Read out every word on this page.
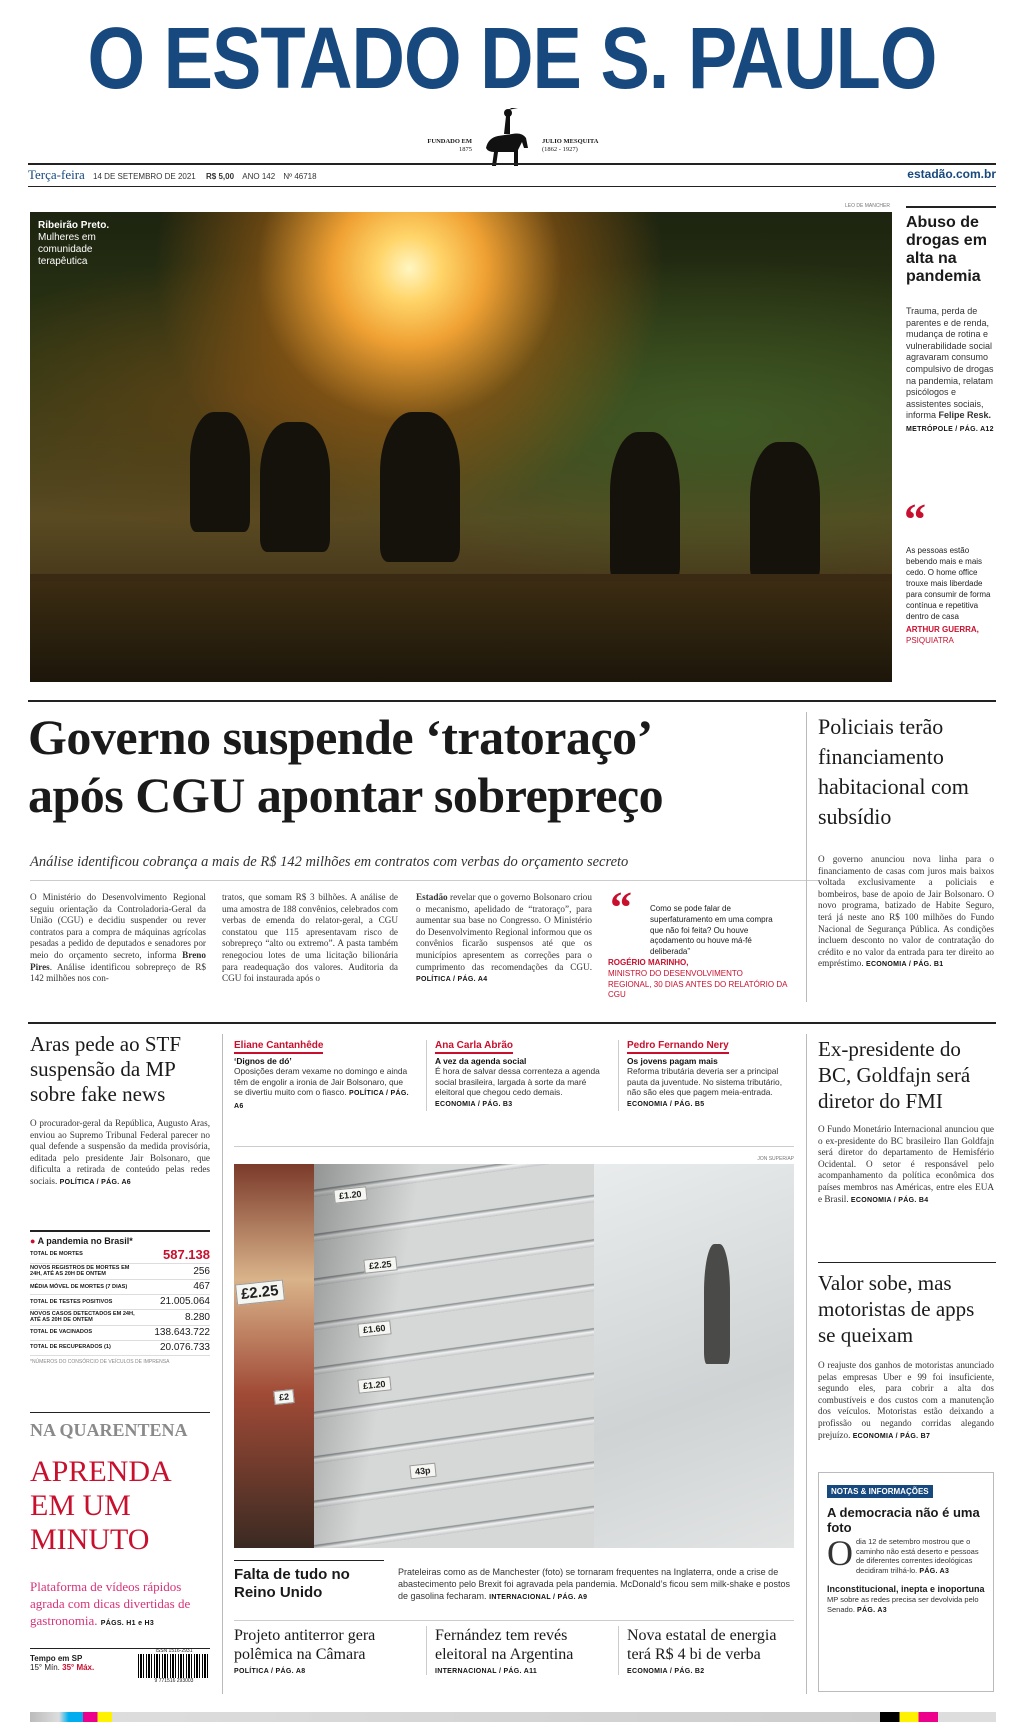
O ESTADO DE S. PAULO
FUNDADO EM
1875
JULIO MESQUITA
(1862 - 1927)
Terça-feira 14 DE SETEMBRO DE 2021 R$ 5,00 ANO 142 Nº 46718	estadão.com.br
Ribeirão Preto.
Mulheres em comunidade terapêutica
LEO DE MANCHER
Abuso de drogas em alta na pandemia
Trauma, perda de parentes e de renda, mudança de rotina e vulnerabilidade social agravaram consumo compulsivo de drogas na pandemia, relatam psicólogos e assistentes sociais, informa Felipe Resk.
METRÓPOLE / PÁG. A12
“
As pessoas estão bebendo mais e mais cedo. O home office trouxe mais liberdade para consumir de forma contínua e repetitiva dentro de casa
ARTHUR GUERRA,
PSIQUIATRA
Governo suspende ‘tratoraço’
após CGU apontar sobrepreço
Análise identificou cobrança a mais de R$ 142 milhões em contratos com verbas do orçamento secreto
O Ministério do Desenvolvimento Regional seguiu orientação da Controladoria-Geral da União (CGU) e decidiu suspender ou rever contratos para a compra de máquinas agrícolas pesadas a pedido de deputados e senadores por meio do orçamento secreto, informa Breno Pires. Análise identificou sobrepreço de R$ 142 milhões nos con-
tratos, que somam R$ 3 bilhões. A análise de uma amostra de 188 convênios, celebrados com verbas de emenda do relator-geral, a CGU constatou que 115 apresentavam risco de sobrepreço “alto ou extremo”. A pasta também renegociou lotes de uma licitação bilionária para readequação dos valores. Auditoria da CGU foi instaurada após o
Estadão revelar que o governo Bolsonaro criou o mecanismo, apelidado de “tratoraço”, para aumentar sua base no Congresso. O Ministério do Desenvolvimento Regional informou que os convênios ficarão suspensos até que os municípios apresentem as correções para o cumprimento das recomendações da CGU. POLÍTICA / PÁG. A4
“	Como se pode falar de superfaturamento em uma compra que não foi feita? Ou houve açodamento ou houve má-fé deliberada”
ROGÉRIO MARINHO,
MINISTRO DO DESENVOLVIMENTO REGIONAL, 30 DIAS ANTES DO RELATÓRIO DA CGU
Policiais terão financiamento habitacional com subsídio
O governo anunciou nova linha para o financiamento de casas com juros mais baixos voltada exclusivamente a policiais e bombeiros, base de apoio de Jair Bolsonaro. O novo programa, batizado de Habite Seguro, terá já neste ano R$ 100 milhões do Fundo Nacional de Segurança Pública. As condições incluem desconto no valor de contratação do crédito e no valor da entrada para ter direito ao empréstimo. ECONOMIA / PÁG. B1
Aras pede ao STF suspensão da MP sobre fake news
O procurador-geral da República, Augusto Aras, enviou ao Supremo Tribunal Federal parecer no qual defende a suspensão da medida provisória, editada pelo presidente Jair Bolsonaro, que dificulta a retirada de conteúdo pelas redes sociais. POLÍTICA / PÁG. A6
● A pandemia no Brasil*
TOTAL DE MORTES	587.138
NOVOS REGISTROS DE MORTES EM 24H, ATÉ AS 20H DE ONTEM	256
MÉDIA MÓVEL DE MORTES (7 DIAS)	467
TOTAL DE TESTES POSITIVOS	21.005.064
NOVOS CASOS DETECTADOS EM 24H, ATÉ AS 20H DE ONTEM	8.280
TOTAL DE VACINADOS	138.643.722
TOTAL DE RECUPERADOS (1)	20.076.733
*NÚMEROS DO CONSÓRCIO DE VEÍCULOS DE IMPRENSA
NA QUARENTENA
APRENDA
EM UM
MINUTO
Plataforma de vídeos rápidos agrada com dicas divertidas de gastronomia. PÁGS. H1 e H3
Tempo em SP
15° Mín. 35° Máx.
ISSN 1516-2931
9 771516 293003
Eliane Cantanhêde
‘Dignos de dó’
Oposições deram vexame no domingo e ainda têm de engolir a ironia de Jair Bolsonaro, que se divertiu muito com o fiasco. POLÍTICA / PÁG. A6
Ana Carla Abrão
A vez da agenda social
É hora de salvar dessa correnteza a agenda social brasileira, largada à sorte da maré eleitoral que chegou cedo demais. ECONOMIA / PÁG. B3
Pedro Fernando Nery
Os jovens pagam mais
Reforma tributária deveria ser a principal pauta da juventude. No sistema tributário, não são eles que pagem meia-entrada. ECONOMIA / PÁG. B5
JON SUPER/AP
£1.20
£2.25
£2.25
£1.60
£1.20
£2
43p
Falta de tudo no Reino Unido
Prateleiras como as de Manchester (foto) se tornaram frequentes na Inglaterra, onde a crise de abastecimento pelo Brexit foi agravada pela pandemia. McDonald’s ficou sem milk-shake e postos de gasolina fecharam. INTERNACIONAL / PÁG. A9
Projeto antiterror gera polêmica na Câmara
POLÍTICA / PÁG. A8
Fernández tem revés eleitoral na Argentina
INTERNACIONAL / PÁG. A11
Nova estatal de energia terá R$ 4 bi de verba
ECONOMIA / PÁG. B2
Ex-presidente do BC, Goldfajn será diretor do FMI
O Fundo Monetário Internacional anunciou que o ex-presidente do BC brasileiro Ilan Goldfajn será diretor do departamento de Hemisfério Ocidental. O setor é responsável pelo acompanhamento da política econômica dos países membros nas Américas, entre eles EUA e Brasil. ECONOMIA / PÁG. B4
Valor sobe, mas motoristas de apps se queixam
O reajuste dos ganhos de motoristas anunciado pelas empresas Uber e 99 foi insuficiente, segundo eles, para cobrir a alta dos combustíveis e dos custos com a manutenção dos veículos. Motoristas estão deixando a profissão ou negando corridas alegando prejuízo. ECONOMIA / PÁG. B7
NOTAS & INFORMAÇÕES
A democracia não é uma foto
O dia 12 de setembro mostrou que o caminho não está deserto e pessoas de diferentes correntes ideológicas decidiram trilhá-lo. PÁG. A3
Inconstitucional, inepta e inoportuna
MP sobre as redes precisa ser devolvida pelo Senado. PÁG. A3
